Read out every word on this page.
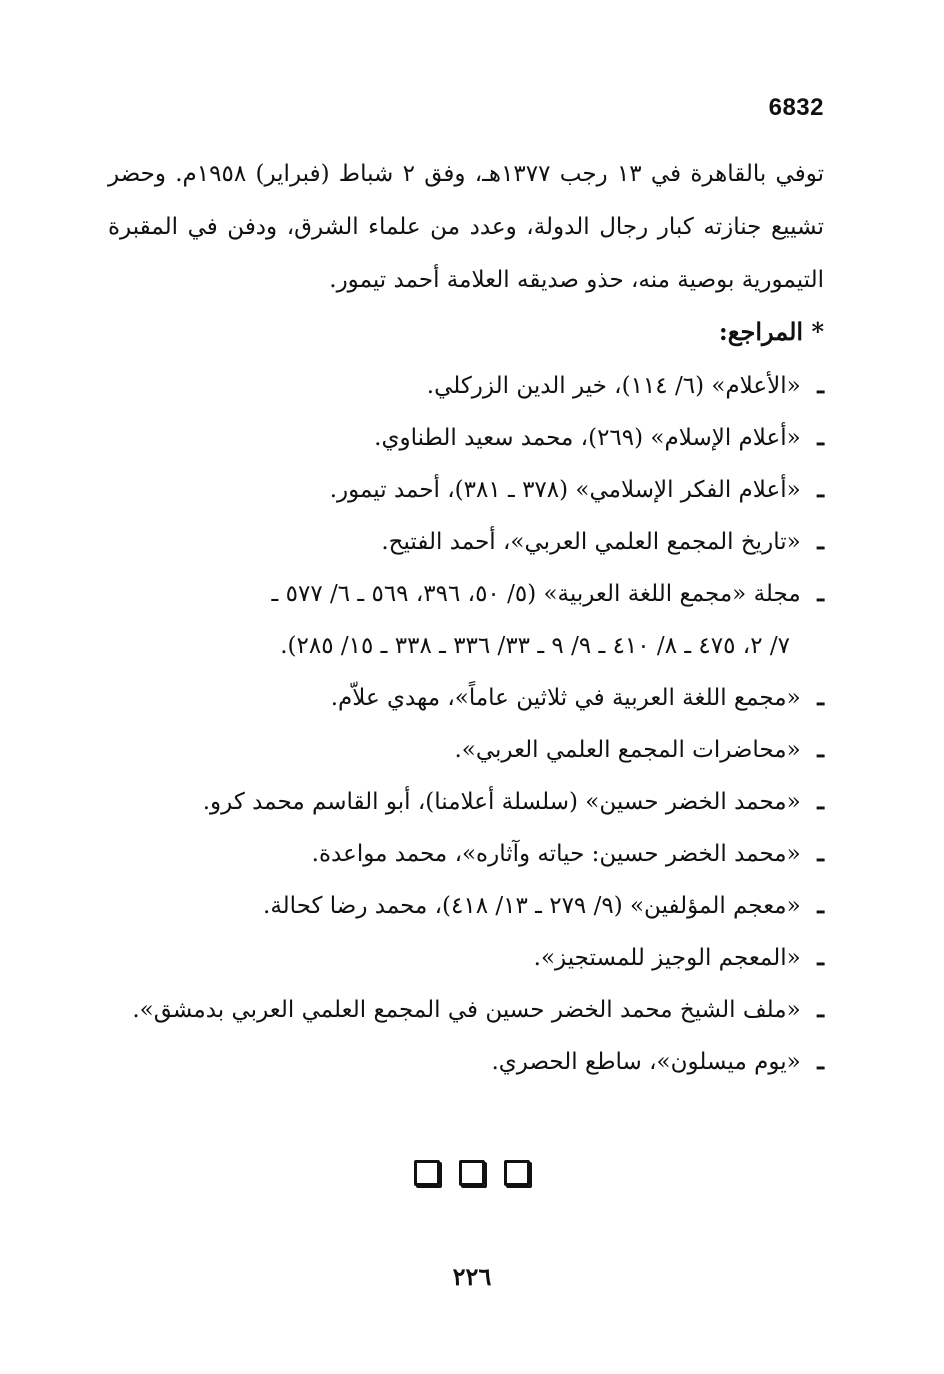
6832
توفي بالقاهرة في ١٣ رجب ١٣٧٧هـ، وفق ٢ شباط (فبراير) ١٩٥٨م. وحضر تشييع جنازته كبار رجال الدولة، وعدد من علماء الشرق، ودفن في المقبرة التيمورية بوصية منه، حذو صديقه العلامة أحمد تيمور.
* المراجع:
ـ «الأعلام» (٦/ ١١٤)، خير الدين الزركلي.
ـ «أعلام الإسلام» (٢٦٩)، محمد سعيد الطناوي.
ـ «أعلام الفكر الإسلامي» (٣٧٨ ـ ٣٨١)، أحمد تيمور.
ـ «تاريخ المجمع العلمي العربي»، أحمد الفتيح.
ـ مجلة «مجمع اللغة العربية» (٥/ ٥٠، ٣٩٦، ٥٦٩ ـ ٦/ ٥٧٧ ـ
٧/ ٢، ٤٧٥ ـ ٨/ ٤١٠ ـ ٩/ ٩ ـ ٣٣/ ٣٣٦ ـ ٣٣٨ ـ ١٥/ ٢٨٥).
ـ «مجمع اللغة العربية في ثلاثين عاماً»، مهدي علاّم.
ـ «محاضرات المجمع العلمي العربي».
ـ «محمد الخضر حسين» (سلسلة أعلامنا)، أبو القاسم محمد كرو.
ـ «محمد الخضر حسين: حياته وآثاره»، محمد مواعدة.
ـ «معجم المؤلفين» (٩/ ٢٧٩ ـ ١٣/ ٤١٨)، محمد رضا كحالة.
ـ «المعجم الوجيز للمستجيز».
ـ «ملف الشيخ محمد الخضر حسين في المجمع العلمي العربي بدمشق».
ـ «يوم ميسلون»، ساطع الحصري.

٢٢٦
